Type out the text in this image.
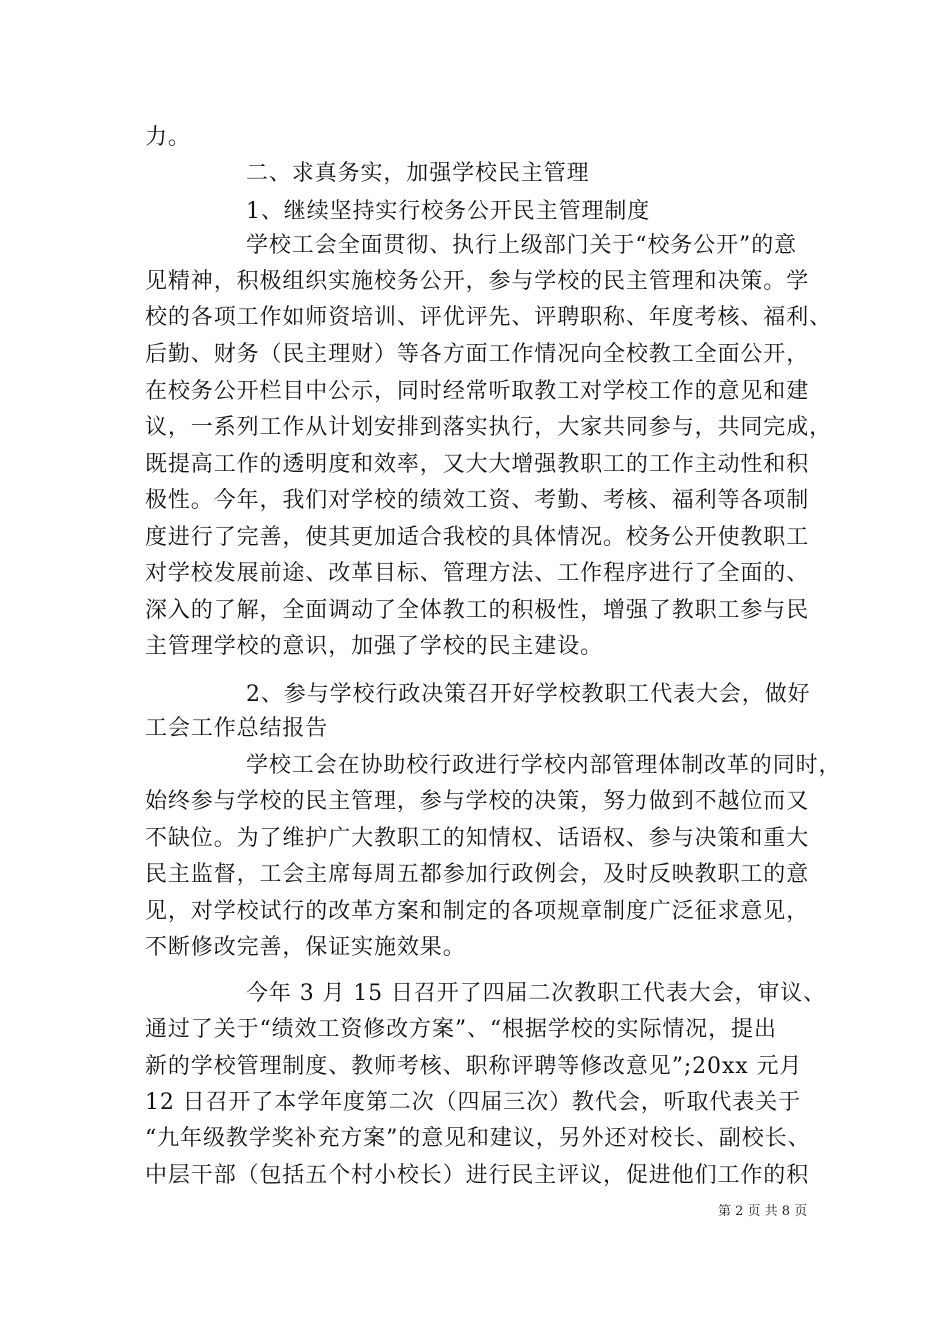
力。
二、求真务实，加强学校民主管理
1、继续坚持实行校务公开民主管理制度
学校工会全面贯彻、执行上级部门关于“校务公开”的意
见精神，积极组织实施校务公开，参与学校的民主管理和决策。学
校的各项工作如师资培训、评优评先、评聘职称、年度考核、福利、
后勤、财务（民主理财）等各方面工作情况向全校教工全面公开，
在校务公开栏目中公示，同时经常听取教工对学校工作的意见和建
议，一系列工作从计划安排到落实执行，大家共同参与，共同完成，
既提高工作的透明度和效率，又大大增强教职工的工作主动性和积
极性。今年，我们对学校的绩效工资、考勤、考核、福利等各项制
度进行了完善，使其更加适合我校的具体情况。校务公开使教职工
对学校发展前途、改革目标、管理方法、工作程序进行了全面的、
深入的了解，全面调动了全体教工的积极性，增强了教职工参与民
主管理学校的意识，加强了学校的民主建设。
2、参与学校行政决策召开好学校教职工代表大会，做好
工会工作总结报告
学校工会在协助校行政进行学校内部管理体制改革的同时，
始终参与学校的民主管理，参与学校的决策，努力做到不越位而又
不缺位。为了维护广大教职工的知情权、话语权、参与决策和重大
民主监督，工会主席每周五都参加行政例会，及时反映教职工的意
见，对学校试行的改革方案和制定的各项规章制度广泛征求意见，
不断修改完善，保证实施效果。
今年 3 月 15 日召开了四届二次教职工代表大会，审议、
通过了关于“绩效工资修改方案”、“根据学校的实际情况，提出
新的学校管理制度、教师考核、职称评聘等修改意见”;20xx 元月
12 日召开了本学年度第二次（四届三次）教代会，听取代表关于
“九年级教学奖补充方案”的意见和建议，另外还对校长、副校长、
中层干部（包括五个村小校长）进行民主评议，促进他们工作的积
第 2 页 共 8 页
